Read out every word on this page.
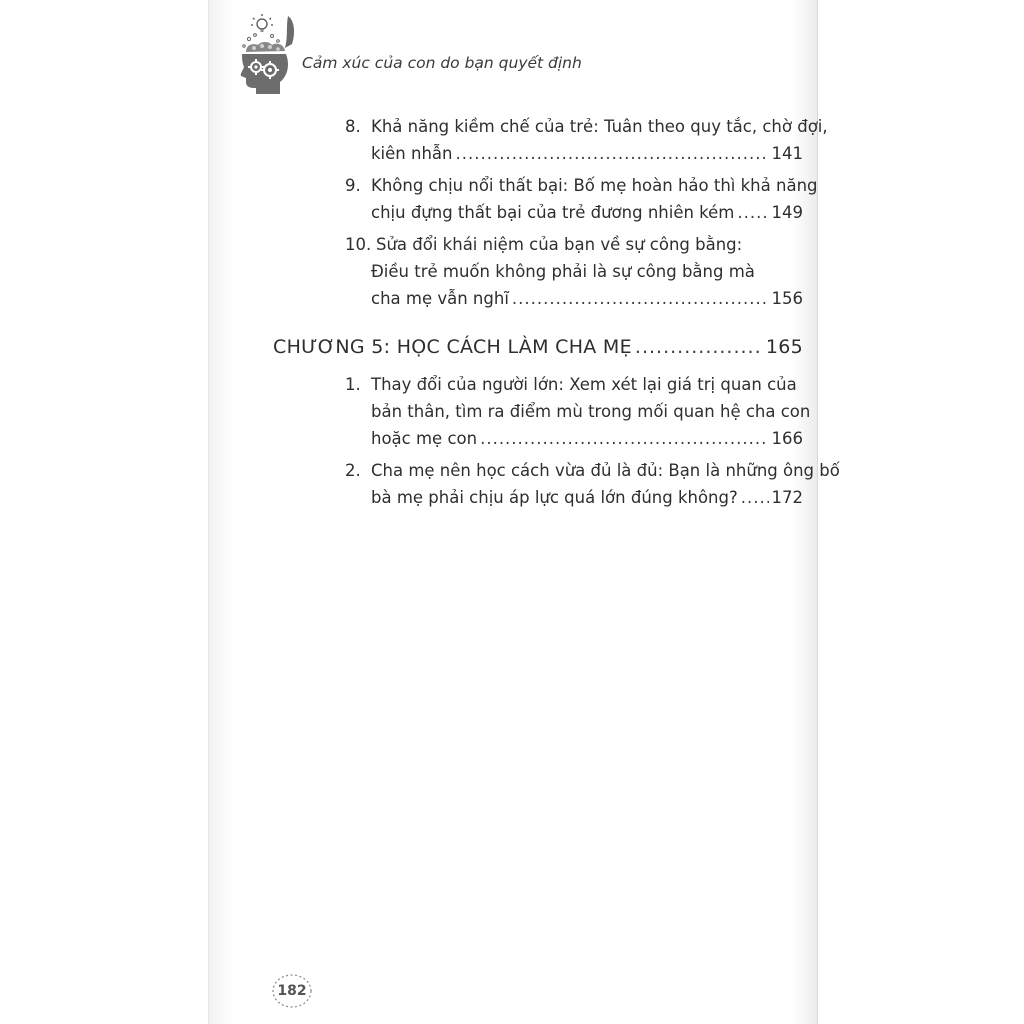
Cảm xúc của con do bạn quyết định
8. Khả năng kiềm chế của trẻ: Tuân theo quy tắc, chờ đợi,
kiên nhẫn .....	141
9. Không chịu nổi thất bại: Bố mẹ hoàn hảo thì khả năng
chịu đựng thất bại của trẻ đương nhiên kém ..... 149
10. Sửa đổi khái niệm của bạn về sự công bằng:
Điều trẻ muốn không phải là sự công bằng mà
cha mẹ vẫn nghĩ .....	156
CHƯƠNG 5: HỌC CÁCH LÀM CHA MẸ .....	165
1. Thay đổi của người lớn: Xem xét lại giá trị quan của
bản thân, tìm ra điểm mù trong mối quan hệ cha con
hoặc mẹ con .....	166
2. Cha mẹ nên học cách vừa đủ là đủ: Bạn là những ông bố
bà mẹ phải chịu áp lực quá lớn đúng không? ..... 172
182
